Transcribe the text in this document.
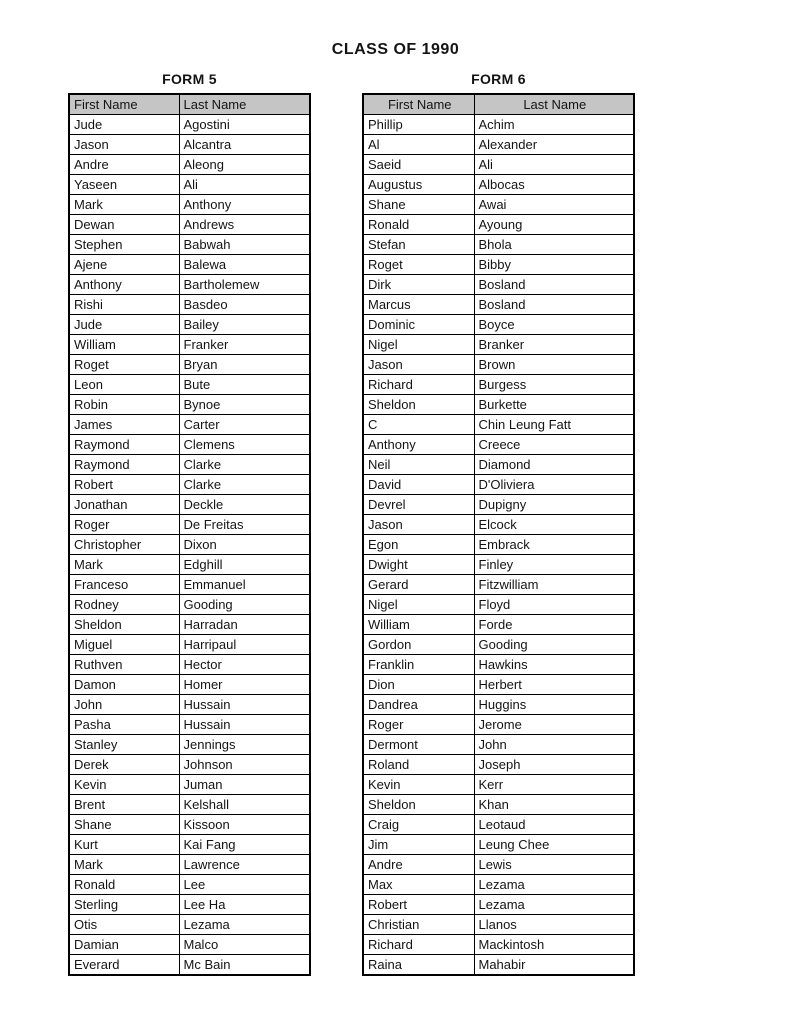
CLASS OF 1990
FORM 5
First Name	Last Name
Jude	Agostini
Jason	Alcantra
Andre	Aleong
Yaseen	Ali
Mark	Anthony
Dewan	Andrews
Stephen	Babwah
Ajene	Balewa
Anthony	Bartholemew
Rishi	Basdeo
Jude	Bailey
William	Franker
Roget	Bryan
Leon	Bute
Robin	Bynoe
James	Carter
Raymond	Clemens
Raymond	Clarke
Robert	Clarke
Jonathan	Deckle
Roger	De Freitas
Christopher	Dixon
Mark	Edghill
Franceso	Emmanuel
Rodney	Gooding
Sheldon	Harradan
Miguel	Harripaul
Ruthven	Hector
Damon	Homer
John	Hussain
Pasha	Hussain
Stanley	Jennings
Derek	Johnson
Kevin	Juman
Brent	Kelshall
Shane	Kissoon
Kurt	Kai Fang
Mark	Lawrence
Ronald	Lee
Sterling	Lee Ha
Otis	Lezama
Damian	Malco
Everard	Mc Bain
FORM 6
First Name	Last Name
Phillip	Achim
Al	Alexander
Saeid	Ali
Augustus	Albocas
Shane	Awai
Ronald	Ayoung
Stefan	Bhola
Roget	Bibby
Dirk	Bosland
Marcus	Bosland
Dominic	Boyce
Nigel	Branker
Jason	Brown
Richard	Burgess
Sheldon	Burkette
C	Chin Leung Fatt
Anthony	Creece
Neil	Diamond
David	D'Oliviera
Devrel	Dupigny
Jason	Elcock
Egon	Embrack
Dwight	Finley
Gerard	Fitzwilliam
Nigel	Floyd
William	Forde
Gordon	Gooding
Franklin	Hawkins
Dion	Herbert
Dandrea	Huggins
Roger	Jerome
Dermont	John
Roland	Joseph
Kevin	Kerr
Sheldon	Khan
Craig	Leotaud
Jim	Leung Chee
Andre	Lewis
Max	Lezama
Robert	Lezama
Christian	Llanos
Richard	Mackintosh
Raina	Mahabir
